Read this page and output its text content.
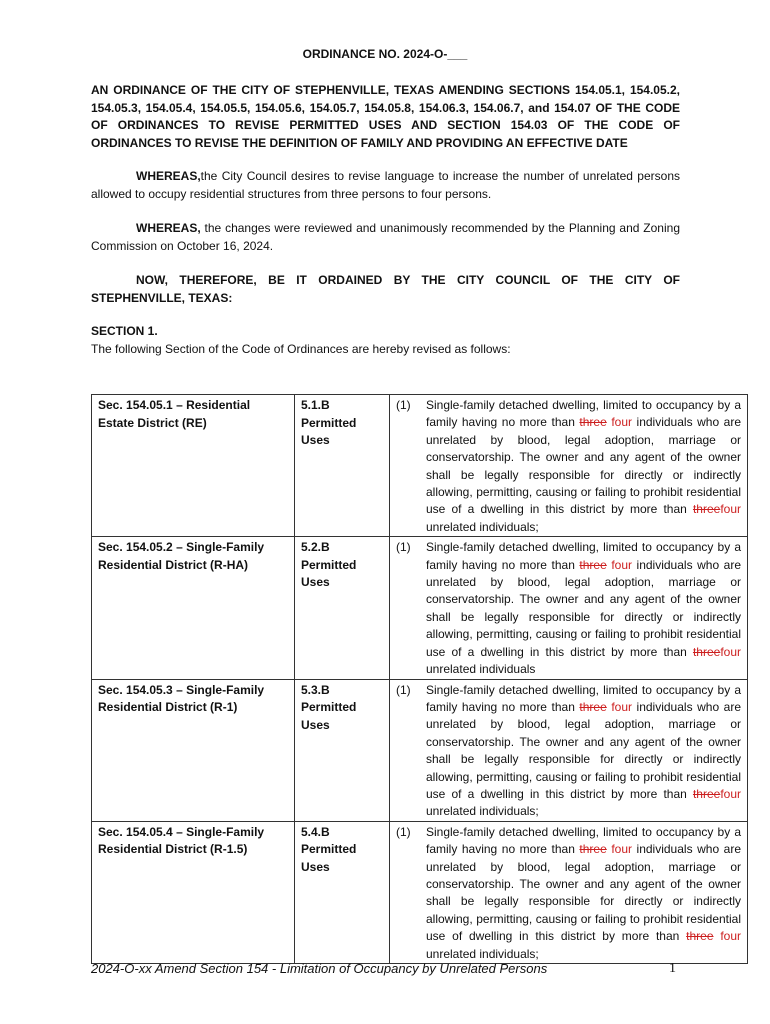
ORDINANCE NO. 2024-O-___
AN ORDINANCE OF THE CITY OF STEPHENVILLE, TEXAS AMENDING SECTIONS 154.05.1, 154.05.2, 154.05.3, 154.05.4, 154.05.5, 154.05.6, 154.05.7, 154.05.8, 154.06.3, 154.06.7, and 154.07 OF THE CODE OF ORDINANCES TO REVISE PERMITTED USES AND SECTION 154.03 OF THE CODE OF ORDINANCES TO REVISE THE DEFINITION OF FAMILY AND PROVIDING AN EFFECTIVE DATE
WHEREAS,the City Council desires to revise language to increase the number of unrelated persons allowed to occupy residential structures from three persons to four persons.
WHEREAS, the changes were reviewed and unanimously recommended by the Planning and Zoning Commission on October 16, 2024.
NOW, THEREFORE, BE IT ORDAINED BY THE CITY COUNCIL OF THE CITY OF STEPHENVILLE, TEXAS:
SECTION 1.
The following Section of the Code of Ordinances are hereby revised as follows:
Sec. 154.05.1 – Residential Estate District (RE)	5.1.B Permitted Uses	(1) Single-family detached dwelling, limited to occupancy by a family having no more than three four individuals who are unrelated by blood, legal adoption, marriage or conservatorship. The owner and any agent of the owner shall be legally responsible for directly or indirectly allowing, permitting, causing or failing to prohibit residential use of a dwelling in this district by more than threefour unrelated individuals;

Sec. 154.05.2 – Single-Family Residential District (R-HA)	5.2.B Permitted Uses	(1) Single-family detached dwelling, limited to occupancy by a family having no more than three four individuals who are unrelated by blood, legal adoption, marriage or conservatorship. The owner and any agent of the owner shall be legally responsible for directly or indirectly allowing, permitting, causing or failing to prohibit residential use of a dwelling in this district by more than threefour unrelated individuals

Sec. 154.05.3 – Single-Family Residential District (R-1)	5.3.B Permitted Uses	(1) Single-family detached dwelling, limited to occupancy by a family having no more than three four individuals who are unrelated by blood, legal adoption, marriage or conservatorship. The owner and any agent of the owner shall be legally responsible for directly or indirectly allowing, permitting, causing or failing to prohibit residential use of a dwelling in this district by more than threefour unrelated individuals;

Sec. 154.05.4 – Single-Family Residential District (R-1.5)	5.4.B Permitted Uses	(1) Single-family detached dwelling, limited to occupancy by a family having no more than three four individuals who are unrelated by blood, legal adoption, marriage or conservatorship. The owner and any agent of the owner shall be legally responsible for directly or indirectly allowing, permitting, causing or failing to prohibit residential use of dwelling in this district by more than three four unrelated individuals;
2024-O-xx Amend Section 154 - Limitation of Occupancy by Unrelated Persons	1
